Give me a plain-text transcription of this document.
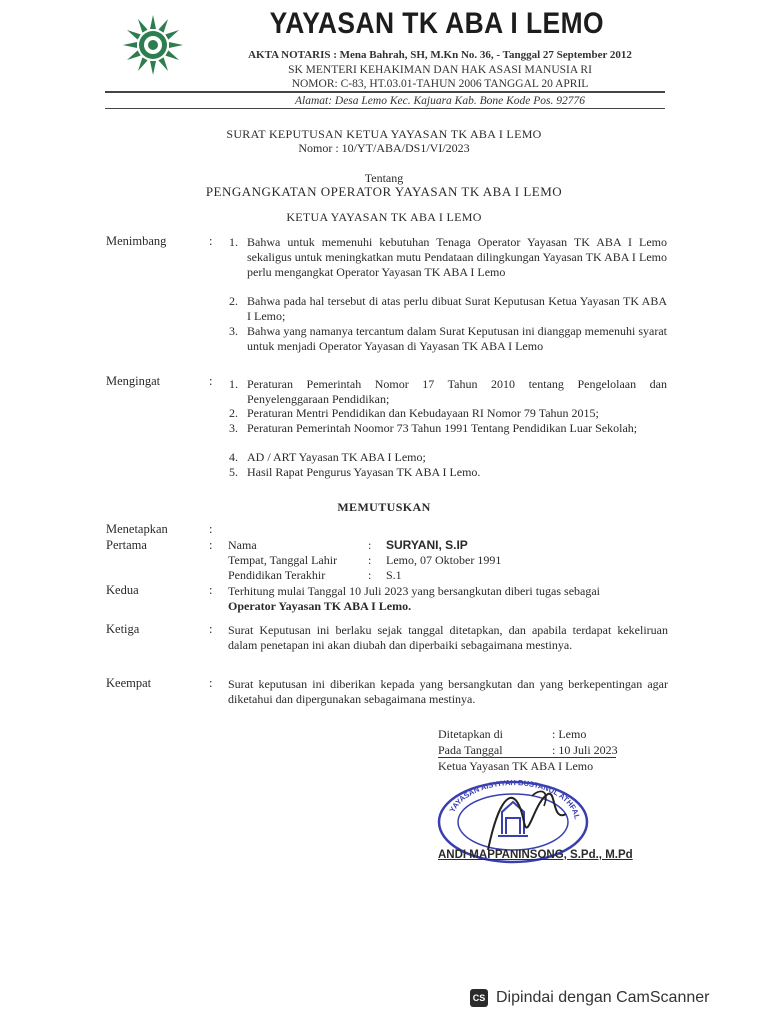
YAYASAN TK ABA I LEMO
AKTA NOTARIS : Mena Bahrah, SH, M.Kn No. 36, - Tanggal 27 September 2012
SK MENTERI KEHAKIMAN DAN HAK ASASI MANUSIA RI
NOMOR: C-83, HT.03.01-TAHUN 2006 TANGGAL 20 APRIL
Alamat: Desa Lemo Kec. Kajuara Kab. Bone Kode Pos. 92776
SURAT KEPUTUSAN KETUA YAYASAN TK ABA I LEMO
Nomor : 10/YT/ABA/DS1/VI/2023
Tentang
PENGANGKATAN OPERATOR YAYASAN TK ABA I LEMO
KETUA YAYASAN TK ABA I LEMO
Menimbang	: 1. Bahwa untuk memenuhi kebutuhan Tenaga Operator Yayasan TK ABA I Lemo sekaligus untuk meningkatkan mutu Pendataan dilingkungan Yayasan TK ABA I Lemo perlu mengangkat Operator Yayasan TK ABA I Lemo
2. Bahwa pada hal tersebut di atas perlu dibuat Surat Keputusan Ketua Yayasan TK ABA I Lemo;
3. Bahwa yang namanya tercantum dalam Surat Keputusan ini dianggap memenuhi syarat untuk menjadi Operator Yayasan di Yayasan TK ABA I Lemo
Mengingat	: 1. Peraturan Pemerintah Nomor 17 Tahun 2010 tentang Pengelolaan dan Penyelenggaraan Pendidikan;
2. Peraturan Mentri Pendidikan dan Kebudayaan RI Nomor 79 Tahun 2015;
3. Peraturan Pemerintah Noomor 73 Tahun 1991 Tentang Pendidikan Luar Sekolah;
4. AD / ART Yayasan TK ABA I Lemo;
5. Hasil Rapat Pengurus Yayasan TK ABA I Lemo.
MEMUTUSKAN
Menetapkan	:
Pertama	: Nama	: SURYANI, S.IP
Tempat, Tanggal Lahir	: Lemo, 07 Oktober 1991
Pendidikan Terakhir	: S.1
Kedua	: Terhitung mulai Tanggal 10 Juli 2023 yang bersangkutan diberi tugas sebagai
Operator Yayasan TK ABA I Lemo.
Ketiga	: Surat Keputusan ini berlaku sejak tanggal ditetapkan, dan apabila terdapat kekeliruan dalam penetapan ini akan diubah dan diperbaiki sebagaimana mestinya.
Keempat	: Surat keputusan ini diberikan kepada yang bersangkutan dan yang berkepentingan agar diketahui dan dipergunakan sebagaimana mestinya.
Ditetapkan di	: Lemo
Pada Tanggal	: 10 Juli 2023
Ketua Yayasan TK ABA I Lemo
YAYASAN AISYIYAH BUSTANUL ATHFAL
ANDI MAPPANINSONG, S.Pd., M.Pd
CS Dipindai dengan CamScanner
